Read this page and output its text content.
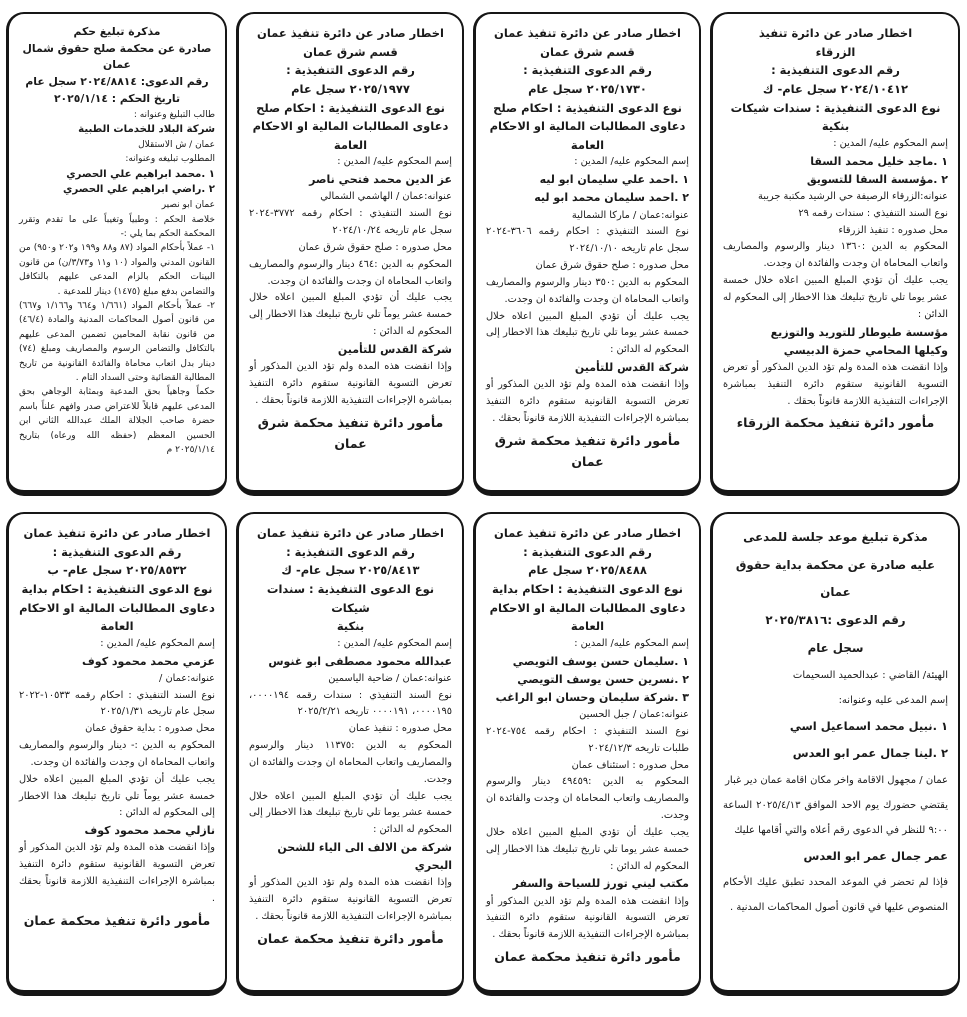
اخطار صادر عن دائرة تنفيذ

الزرقاء

رقم الدعوى التنفيذية :

٢٠٢٤/١٠٤١٢ سجل عام- ك

نوع الدعوى التنفيذية : سندات شيكات

بنكية

إسم المحكوم عليه/ المدين :

١ .ماجد خليل محمد السقا

٢ .مؤسسة السقا للتسويق

عنوانه:الزرقاء الرصيفة حي الرشيد مكتبة جريبة

نوع السند التنفيذي : سندات رقمه ٢٩

محل صدوره : تنفيذ الزرقاء

المحكوم به الدين :١٣٦٠ دينار والرسوم والمصاريف واتعاب المحاماة ان وجدت والفائدة ان وجدت.

يجب عليك أن تؤدي المبلغ المبين اعلاه خلال خمسة عشر يوما تلي تاريخ تبليغك هذا الاخطار إلى المحكوم له الدائن :

مؤسسة طيوطار للتوريد والتوزيع

وكيلها المحامي حمزة الدبيسي

وإذا انقضت هذه المدة ولم تؤد الدين المذكور أو تعرض التسوية القانونية ستقوم دائرة التنفيذ بمباشرة الإجراءات التنفيذية اللازمة قانوناً بحقك .

مأمور دائرة تنفيذ محكمة الزرقاء

اخطار صادر عن دائرة تنفيذ عمان

قسم شرق عمان

رقم الدعوى التنفيذية :

٢٠٢٥/١٧٣٠ سجل عام

نوع الدعوى التنفيذية : احكام صلح

دعاوى المطالبات المالية او الاحكام العامة

إسم المحكوم عليه/ المدين :

١ .احمد علي سليمان ابو ليه

٢ .احمد سليمان محمد ابو ليه

عنوانه:عمان / ماركا الشمالية

نوع السند التنفيذي : احكام رقمه ٣٦٠٦-٢٠٢٤ سجل عام تاريخه ٢٠٢٤/١٠/١٠

محل صدوره : صلح حقوق شرق عمان

المحكوم به الدين :٣٥٠ دينار والرسوم والمصاريف واتعاب المحاماة ان وجدت والفائدة ان وجدت.

يجب عليك أن تؤدي المبلغ المبين اعلاه خلال خمسة عشر يوما تلي تاريخ تبليغك هذا الاخطار إلى المحكوم له الدائن :

شركة القدس للتأمين

وإذا انقضت هذه المدة ولم تؤد الدين المذكور أو تعرض التسوية القانونية ستقوم دائرة التنفيذ بمباشرة الإجراءات التنفيذية اللازمة قانوناً بحقك .

مأمور دائرة تنفيذ محكمة شرق عمان

اخطار صادر عن دائرة تنفيذ عمان

قسم شرق عمان

رقم الدعوى التنفيذية :

٢٠٢٥/١٩٧٧ سجل عام

نوع الدعوى التنفيذية : احكام صلح

دعاوى المطالبات المالية او الاحكام العامة

إسم المحكوم عليه/ المدين :

عز الدين محمد فتحي ناصر

عنوانه:عمان / الهاشمي الشمالي

نوع السند التنفيذي : احكام رقمه ٣٧٧٢-٢٠٢٤ سجل عام تاريخه ٢٠٢٤/١٠/٢٤

محل صدوره : صلح حقوق شرق عمان

المحكوم به الدين :٤٦٤ دينار والرسوم والمصاريف واتعاب المحاماة ان وجدت والفائدة ان وجدت.

يجب عليك أن تؤدي المبلغ المبين اعلاه خلال خمسة عشر يوماً تلي تاريخ تبليغك هذا الاخطار إلى المحكوم له الدائن :

شركة القدس للتأمين

وإذا انقضت هذه المدة ولم تؤد الدين المذكور أو تعرض التسوية القانونية ستقوم دائرة التنفيذ بمباشرة الإجراءات التنفيذية اللازمة قانوناً بحقك .

مأمور دائرة تنفيذ محكمة شرق عمان

مذكرة تبليغ حكم

صادرة عن محكمة صلح حقوق شمال عمان

رقم الدعوى: ٢٠٢٤/٨٨١٤ سجل عام

تاريخ الحكم : ٢٠٢٥/١/١٤

طالب التبليغ وعنوانه :

شركة البلاد للخدمات الطبية

عمان / ش الاستقلال

المطلوب تبليغه وعنوانه:

١ .محمد ابراهيم علي الحصري

٢ .راضي ابراهيم علي الحصري

عمان ابو نصير

خلاصة الحكم : وطبياً وتغيباً على ما تقدم وتقرر المحكمة الحكم بما يلي :-

١- عملاً بأحكام المواد (٨٧ و٨٨ و١٩٩ و٢٠٢ و٩٥٠) من القانون المدني والمواد (١٠ و١١ و٣/٧٣/ن) من قانون البينات الحكم بالزام المدعى عليهم بالتكافل والتضامن بدفع مبلغ (١٤٧٥) دينار للمدعية .

٢- عملاً بأحكام المواد (١/٦٦١ و٦٦٤ و١/١٦٦ و٦٦٧) من قانون أصول المحاكمات المدنية والمادة (٤٦/٤) من قانون نقابة المحامين تضمين المدعى عليهم بالتكافل والتضامن الرسوم والمصاريف ومبلغ (٧٤) دينار بدل اتعاب محاماة والفائدة القانونية من تاريخ المطالبة القضائية وحتى السداد التام .

حكماً وجاهياً بحق المدعية وبمثابة الوجاهي بحق المدعى عليهم قابلاً للاعتراض صدر وافهم علناً باسم حضرة صاحب الجلالة الملك عبدالله الثاني ابن الحسين المعظم (حفظه الله ورعاه) بتاريخ ٢٠٢٥/١/١٤ م

مذكرة تبليغ موعد جلسة للمدعى

عليه صادرة عن محكمة بداية حقوق

عمان

رقم الدعوى :٢٠٢٥/٣٨١٦

سجل عام

الهيئة/ القاضي : عبدالحميد السحيمات

إسم المدعى عليه وعنوانه:

١ .نبيل محمد اسماعيل اسي

٢ .لينا جمال عمر ابو العدس

عمان / مجهول الاقامة واخر مكان اقامة عمان دير غبار

يقتضي حضورك يوم الاحد الموافق ٢٠٢٥/٤/١٣ الساعة ٩:٠٠ للنظر في الدعوى رقم أعلاه والتي أقامها عليك

عمر جمال عمر ابو العدس

فإذا لم تحضر في الموعد المحدد تطبق عليك الأحكام المنصوص عليها في قانون أصول المحاكمات المدنية .

اخطار صادر عن دائرة تنفيذ عمان

رقم الدعوى التنفيذية :

٢٠٢٥/٨٤٨٨ سجل عام

نوع الدعوى التنفيذية : احكام بداية

دعاوى المطالبات المالية او الاحكام العامة

إسم المحكوم عليه/ المدين :

١ .سليمان حسن يوسف التويصي

٢ .نسرين حسن يوسف التويصي

٣ .شركة سليمان وحسان ابو الراغب

عنوانه:عمان / جبل الحسين

نوع السند التنفيذي : احكام رقمه ٧٥٤-٢٠٢٤ طلبات تاريخه ٢٠٢٤/١٢/٣

محل صدوره : استئناف عمان

المحكوم به الدين :٤٩٤٥٩ دينار والرسوم والمصاريف واتعاب المحاماة ان وجدت والفائدة ان وجدت.

يجب عليك أن تؤدي المبلغ المبين اعلاه خلال خمسة عشر يوما تلي تاريخ تبليغك هذا الاخطار إلى المحكوم له الدائن :

مكتب ليني تورز للسياحة والسفر

وإذا انقضت هذه المدة ولم تؤد الدين المذكور أو تعرض التسوية القانونية ستقوم دائرة التنفيذ بمباشرة الإجراءات التنفيذية اللازمة قانوناً بحقك .

مأمور دائرة تنفيذ محكمة عمان

اخطار صادر عن دائرة تنفيذ عمان

رقم الدعوى التنفيذية :

٢٠٢٥/٨٤١٣ سجل عام- ك

نوع الدعوى التنفيذية : سندات شيكات

بنكية

إسم المحكوم عليه/ المدين :

عبدالله محمود مصطفى ابو غنوس

عنوانه:عمان / ضاحية الياسمين

نوع السند التنفيذي : سندات رقمه ٠٠٠٠١٩٤، ٠٠٠٠١٩٥، ٠٠٠٠١٩١ تاريخه ٢٠٢٥/٢/٢١

محل صدوره : تنفيذ عمان

المحكوم به الدين :١١٣٧٥ دينار والرسوم والمصاريف واتعاب المحاماة ان وجدت والفائدة ان وجدت.

يجب عليك أن تؤدي المبلغ المبين اعلاه خلال خمسة عشر يوما تلي تاريخ تبليغك هذا الاخطار إلى المحكوم له الدائن :

شركة من الالف الى الياء للشحن البحري

وإذا انقضت هذه المدة ولم تؤد الدين المذكور أو تعرض التسوية القانونية ستقوم دائرة التنفيذ بمباشرة الإجراءات التنفيذية اللازمة قانوناً بحقك .

مأمور دائرة تنفيذ محكمة عمان

اخطار صادر عن دائرة تنفيذ عمان

رقم الدعوى التنفيذية :

٢٠٢٥/٨٥٣٢ سجل عام- ب

نوع الدعوى التنفيذية : احكام بداية

دعاوى المطالبات المالية او الاحكام العامة

إسم المحكوم عليه/ المدين :

عزمي محمد محمود كوف

عنوانه:عمان /

نوع السند التنفيذي : احكام رقمه ١٠٥٣٣-٢٠٢٢ سجل عام تاريخه ٢٠٢٥/١/٣١

محل صدوره : بداية حقوق عمان

المحكوم به الدين :- دينار والرسوم والمصاريف واتعاب المحاماة ان وجدت والفائدة ان وجدت.

يجب عليك أن تؤدي المبلغ المبين اعلاه خلال خمسة عشر يوماً تلي تاريخ تبليغك هذا الاخطار إلى المحكوم له الدائن :

نازلي محمد محمود كوف

وإذا انقضت هذه المدة ولم تؤد الدين المذكور أو تعرض التسوية القانونية ستقوم دائرة التنفيذ بمباشرة الإجراءات التنفيذية اللازمة قانوناً بحقك .

مأمور دائرة تنفيذ محكمة عمان
